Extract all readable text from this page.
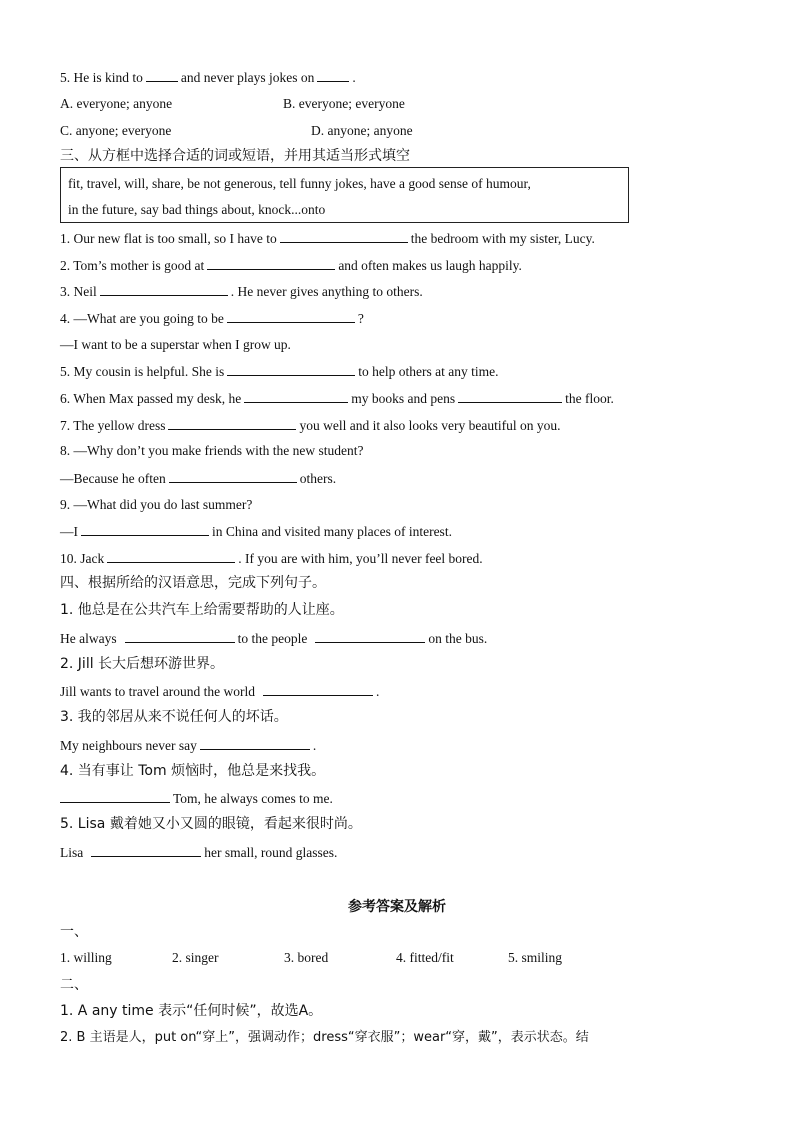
5. He is kind to	and never plays jokes on	.
A. everyone; anyone	B. everyone; everyone
C. anyone; everyone	D. anyone; anyone
三、从方框中选择合适的词或短语，并用其适当形式填空
fit, travel, will, share, be not generous, tell funny jokes, have a good sense of humour,
in the future, say bad things about, knock...onto
1. Our new flat is too small, so I have to	the bedroom with my sister, Lucy.
2. Tom’s mother is good at	and often makes us laugh happily.
3. Neil	. He never gives anything to others.
4. —What are you going to be	?
—I want to be a superstar when I grow up.
5. My cousin is helpful. She is	to help others at any time.
6. When Max passed my desk, he	my books and pens	the floor.
7. The yellow dress	you well and it also looks very beautiful on you.
8. —Why don’t you make friends with the new student?
—Because he often	others.
9. —What did you do last summer?
—I	in China and visited many places of interest.
10. Jack	. If you are with him, you’ll never feel bored.
四、根据所给的汉语意思，完成下列句子。
1. 他总是在公共汽车上给需要帮助的人让座。
He always	to the people	on the bus.
2. Jill 长大后想环游世界。
Jill wants to travel around the world	.
3. 我的邻居从来不说任何人的坏话。
My neighbours never say	.
4. 当有事让 Tom 烦恼时，他总是来找我。
Tom, he always comes to me.
5. Lisa 戴着她又小又圆的眼镜，看起来很时尚。
Lisa	her small, round glasses.
参考答案及解析
一、
1. willing	2. singer	3. bored	4. fitted/fit	5. smiling
二、
1. A any time 表示“任何时候”，故选A。
2. B 主语是人，put on“穿上”，强调动作；dress“穿衣服”；wear“穿，戴”，表示状态。结
